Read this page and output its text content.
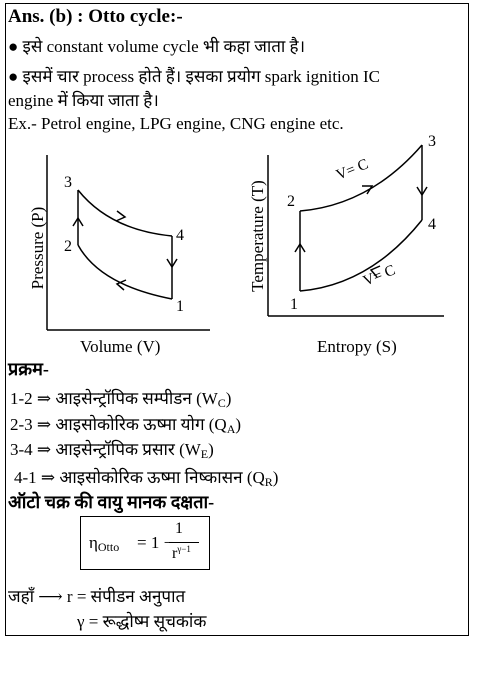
Ans. (b) : Otto cycle:-
● इसे constant volume cycle भी कहा जाता है।
● इसमें चार process होते हैं। इसका प्रयोग spark ignition IC
engine में किया जाता है।
Ex.- Petrol engine, LPG engine, CNG engine etc.
Pressure (P)
Volume (V)
3
2
4
1
Temperature (T)
Entropy (S)
2
1
3
4
V= C
V= C
प्रक्रम-
1-2 ⇒ आइसेन्ट्रॉपिक सम्पीडन $(W_C)$
2-3 ⇒ आइसोकोरिक ऊष्मा योग $(Q_A)$
3-4 ⇒ आइसेन्ट्रॉपिक प्रसार $(W_E)$
4-1 ⇒ आइसोकोरिक ऊष्मा निष्कासन $(Q_R)$
ऑटो चक्र की वायु मानक दक्षता-
$\eta_{Otto} = 1$ −
1
$r^{\gamma-1}$
जहाँ ⟶ r = संपीडन अनुपात
γ = रूद्धोष्म सूचकांक
